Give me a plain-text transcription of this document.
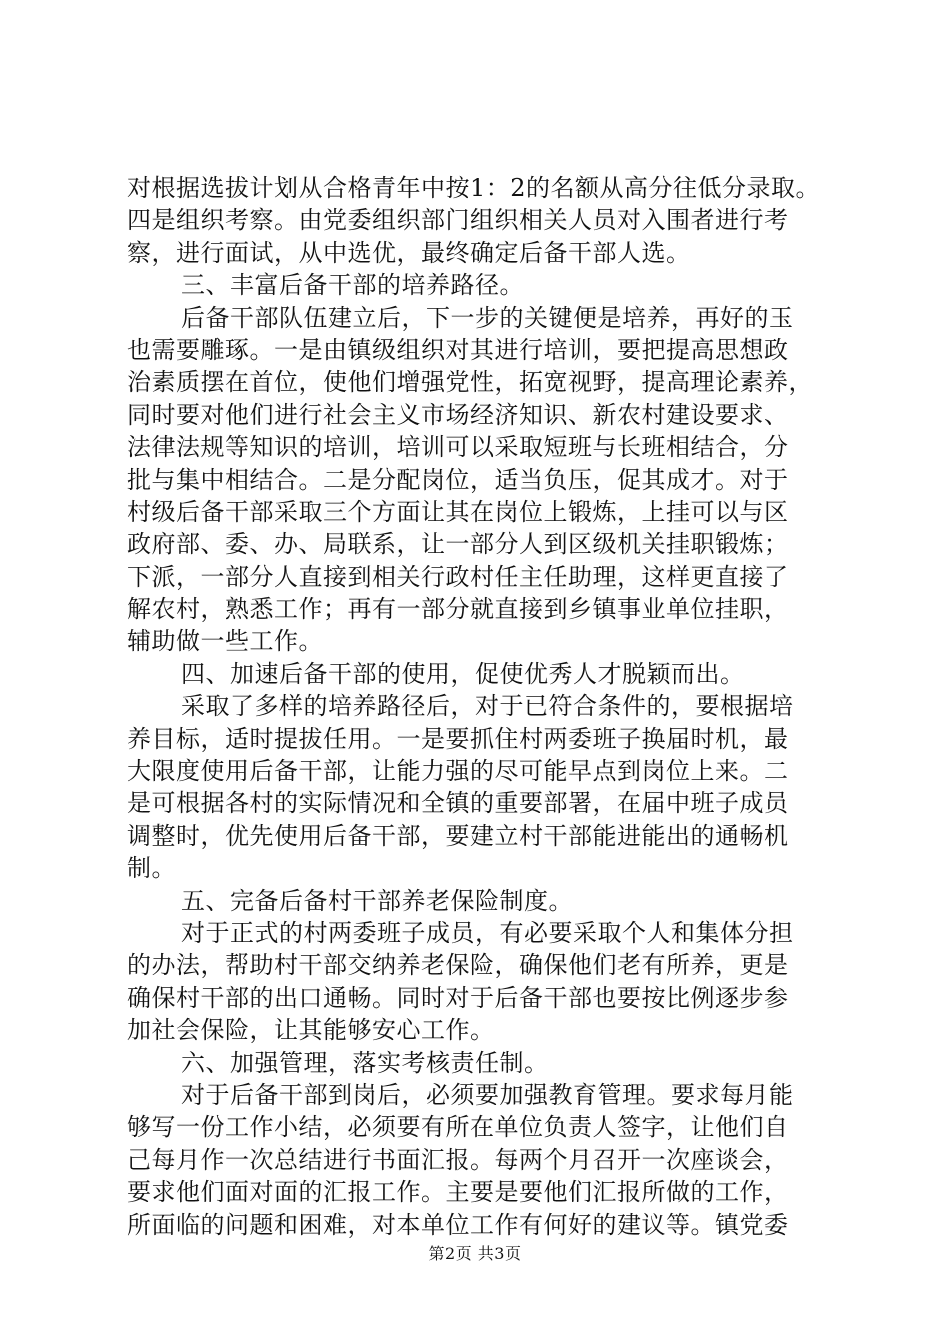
对根据选拔计划从合格青年中按1：2的名额从高分往低分录取。
四是组织考察。由党委组织部门组织相关人员对入围者进行考
察，进行面试，从中选优，最终确定后备干部人选。
三、丰富后备干部的培养路径。
后备干部队伍建立后，下一步的关键便是培养，再好的玉
也需要雕琢。一是由镇级组织对其进行培训，要把提高思想政
治素质摆在首位，使他们增强党性，拓宽视野，提高理论素养，
同时要对他们进行社会主义市场经济知识、新农村建设要求、
法律法规等知识的培训，培训可以采取短班与长班相结合，分
批与集中相结合。二是分配岗位，适当负压，促其成才。对于
村级后备干部采取三个方面让其在岗位上锻炼，上挂可以与区
政府部、委、办、局联系，让一部分人到区级机关挂职锻炼；
下派，一部分人直接到相关行政村任主任助理，这样更直接了
解农村，熟悉工作；再有一部分就直接到乡镇事业单位挂职，
辅助做一些工作。
四、加速后备干部的使用，促使优秀人才脱颖而出。
采取了多样的培养路径后，对于已符合条件的，要根据培
养目标，适时提拔任用。一是要抓住村两委班子换届时机，最
大限度使用后备干部，让能力强的尽可能早点到岗位上来。二
是可根据各村的实际情况和全镇的重要部署，在届中班子成员
调整时，优先使用后备干部，要建立村干部能进能出的通畅机
制。
五、完备后备村干部养老保险制度。
对于正式的村两委班子成员，有必要采取个人和集体分担
的办法，帮助村干部交纳养老保险，确保他们老有所养，更是
确保村干部的出口通畅。同时对于后备干部也要按比例逐步参
加社会保险，让其能够安心工作。
六、加强管理，落实考核责任制。
对于后备干部到岗后，必须要加强教育管理。要求每月能
够写一份工作小结，必须要有所在单位负责人签字，让他们自
己每月作一次总结进行书面汇报。每两个月召开一次座谈会，
要求他们面对面的汇报工作。主要是要他们汇报所做的工作，
所面临的问题和困难，对本单位工作有何好的建议等。镇党委
第2页 共3页
